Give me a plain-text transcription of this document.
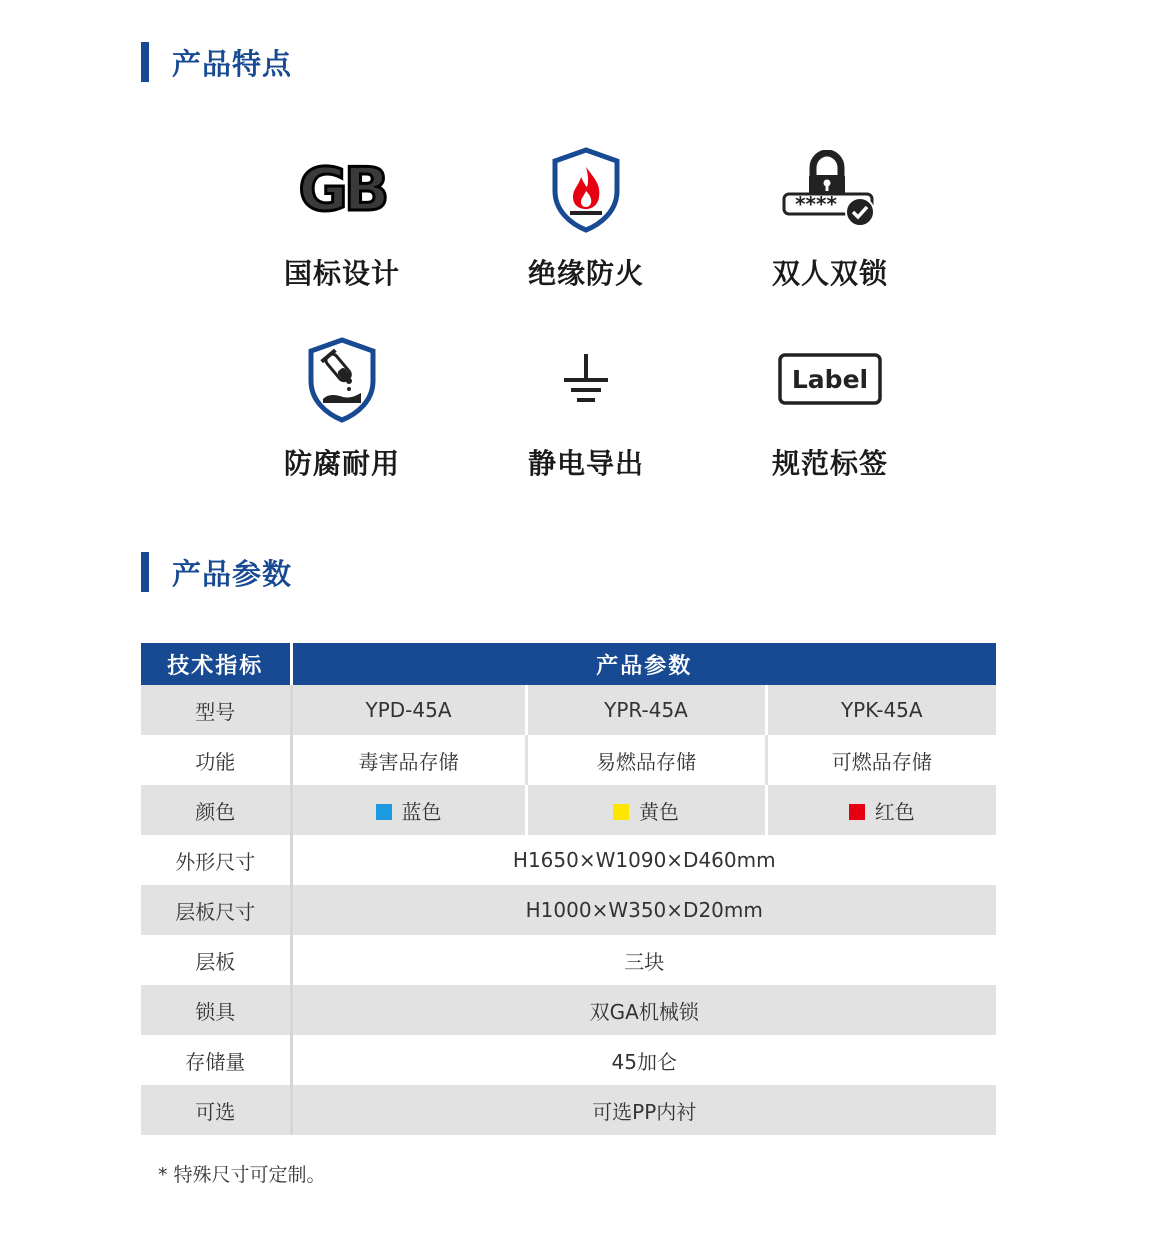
产品特点
GB
国标设计	绝缘防火
****
双人双锁
防腐耐用	静电导出
Label
规范标签
产品参数
技术指标	产品参数		
型号	YPD-45A	YPR-45A	YPK-45A
功能	毒害品存储	易燃品存储	可燃品存储
颜色	蓝色	黄色	红色
外形尺寸	H1650×W1090×D460mm		
层板尺寸	H1000×W350×D20mm		
层板	三块		
锁具	双GA机械锁		
存储量	45加仑		
可选	可选PP内衬		
* 特殊尺寸可定制。
